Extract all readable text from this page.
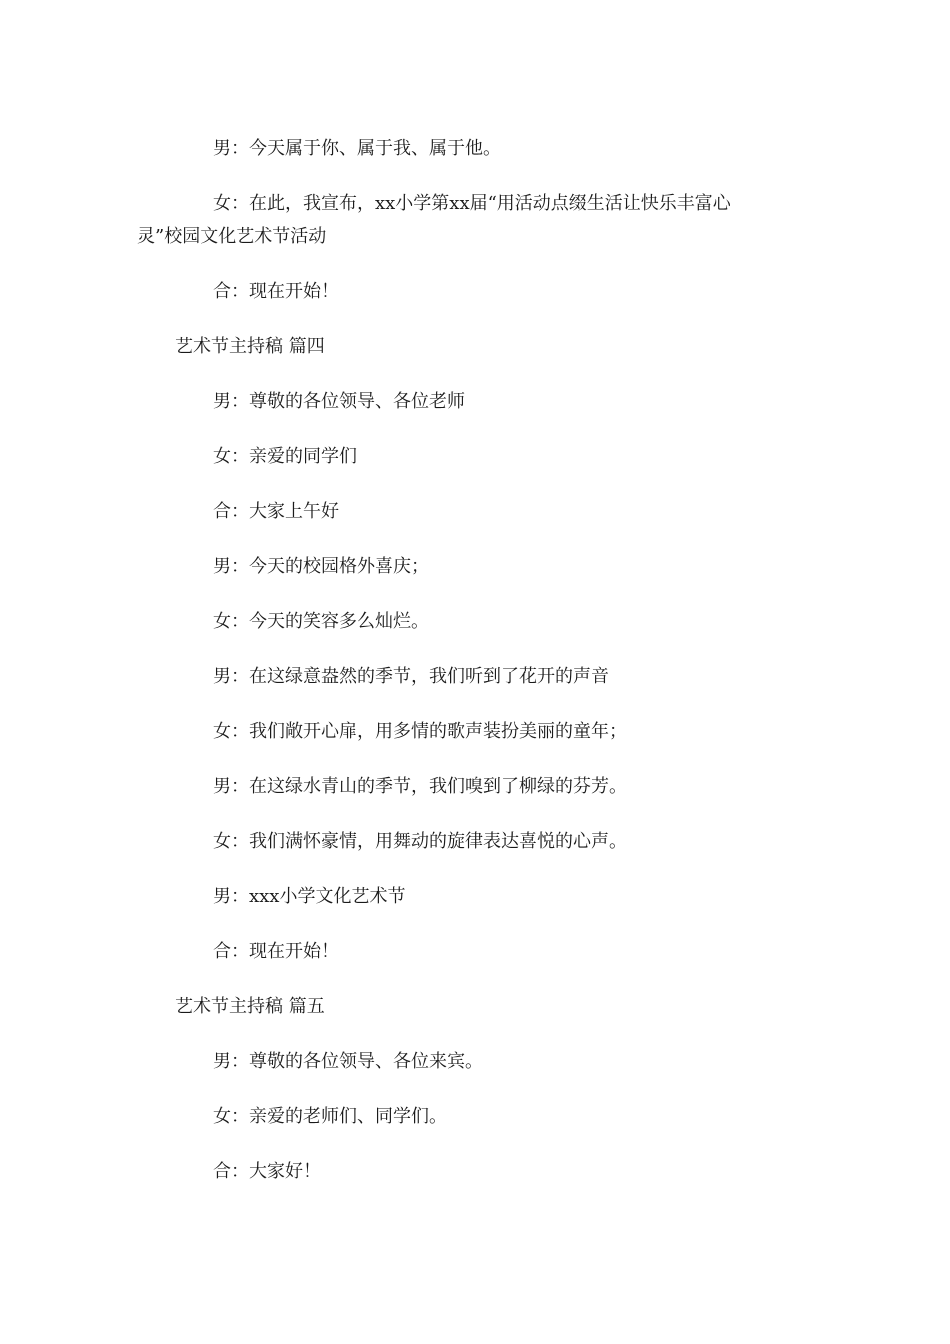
男：今天属于你、属于我、属于他。
女：在此，我宣布，xx小学第xx届“用活动点缀生活让快乐丰富心
灵”校园文化艺术节活动
合：现在开始！
艺术节主持稿 篇四
男：尊敬的各位领导、各位老师
女：亲爱的同学们
合：大家上午好
男：今天的校园格外喜庆；
女：今天的笑容多么灿烂。
男：在这绿意盎然的季节，我们听到了花开的声音
女：我们敞开心扉，用多情的歌声装扮美丽的童年；
男：在这绿水青山的季节，我们嗅到了柳绿的芬芳。
女：我们满怀豪情，用舞动的旋律表达喜悦的心声。
男：xxx小学文化艺术节
合：现在开始！
艺术节主持稿 篇五
男：尊敬的各位领导、各位来宾。
女：亲爱的老师们、同学们。
合：大家好！
